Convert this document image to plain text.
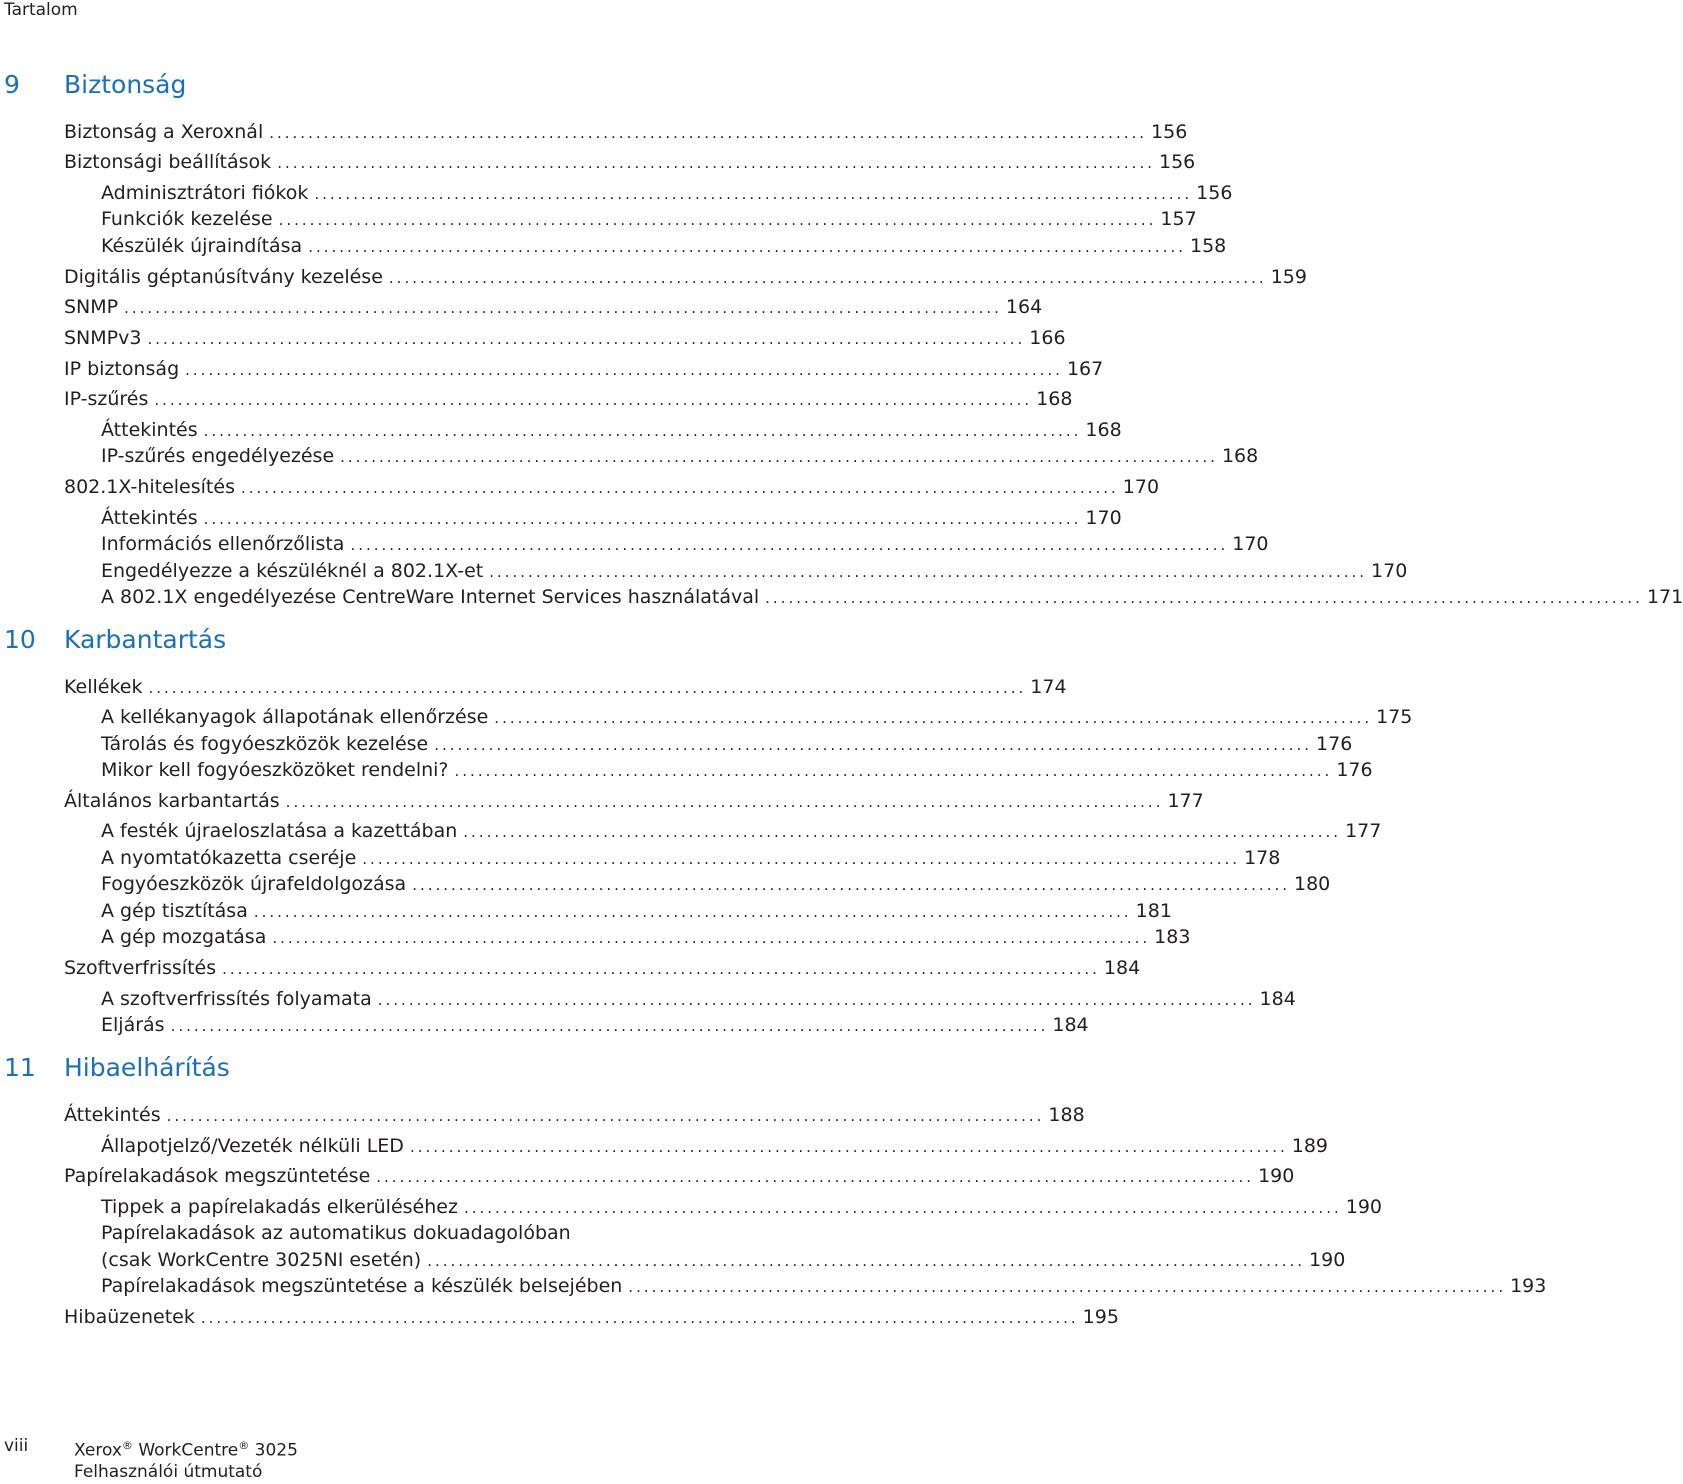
Tartalom
9 Biztonság
Biztonság a Xeroxnál ................................................................................................................. 156
Biztonsági beállítások ................................................................................................................. 156
Adminisztrátori fiókok ................................................................................................................. 156
Funkciók kezelése ................................................................................................................. 157
Készülék újraindítása ................................................................................................................. 158
Digitális géptanúsítvány kezelése ................................................................................................................. 159
SNMP ................................................................................................................. 164
SNMPv3 ................................................................................................................. 166
IP biztonság ................................................................................................................. 167
IP-szűrés ................................................................................................................. 168
Áttekintés ................................................................................................................. 168
IP-szűrés engedélyezése ................................................................................................................. 168
802.1X-hitelesítés ................................................................................................................. 170
Áttekintés ................................................................................................................. 170
Információs ellenőrzőlista ................................................................................................................. 170
Engedélyezze a készüléknél a 802.1X-et ................................................................................................................. 170
A 802.1X engedélyezése CentreWare Internet Services használatával ................................................................................................................. 171
10 Karbantartás
Kellékek ................................................................................................................. 174
A kellékanyagok állapotának ellenőrzése ................................................................................................................. 175
Tárolás és fogyóeszközök kezelése ................................................................................................................. 176
Mikor kell fogyóeszközöket rendelni? ................................................................................................................. 176
Általános karbantartás ................................................................................................................. 177
A festék újraeloszlatása a kazettában ................................................................................................................. 177
A nyomtatókazetta cseréje ................................................................................................................. 178
Fogyóeszközök újrafeldolgozása ................................................................................................................. 180
A gép tisztítása ................................................................................................................. 181
A gép mozgatása ................................................................................................................. 183
Szoftverfrissítés ................................................................................................................. 184
A szoftverfrissítés folyamata ................................................................................................................. 184
Eljárás ................................................................................................................. 184
11 Hibaelhárítás
Áttekintés ................................................................................................................. 188
Állapotjelző/Vezeték nélküli LED ................................................................................................................. 189
Papírelakadások megszüntetése ................................................................................................................. 190
Tippek a papírelakadás elkerüléséhez ................................................................................................................. 190
Papírelakadások az automatikus dokuadagolóban
(csak WorkCentre 3025NI esetén) ................................................................................................................. 190
Papírelakadások megszüntetése a készülék belsejében ................................................................................................................. 193
Hibaüzenetek ................................................................................................................. 195
viii	Xerox® WorkCentre® 3025
Felhasználói útmutató
